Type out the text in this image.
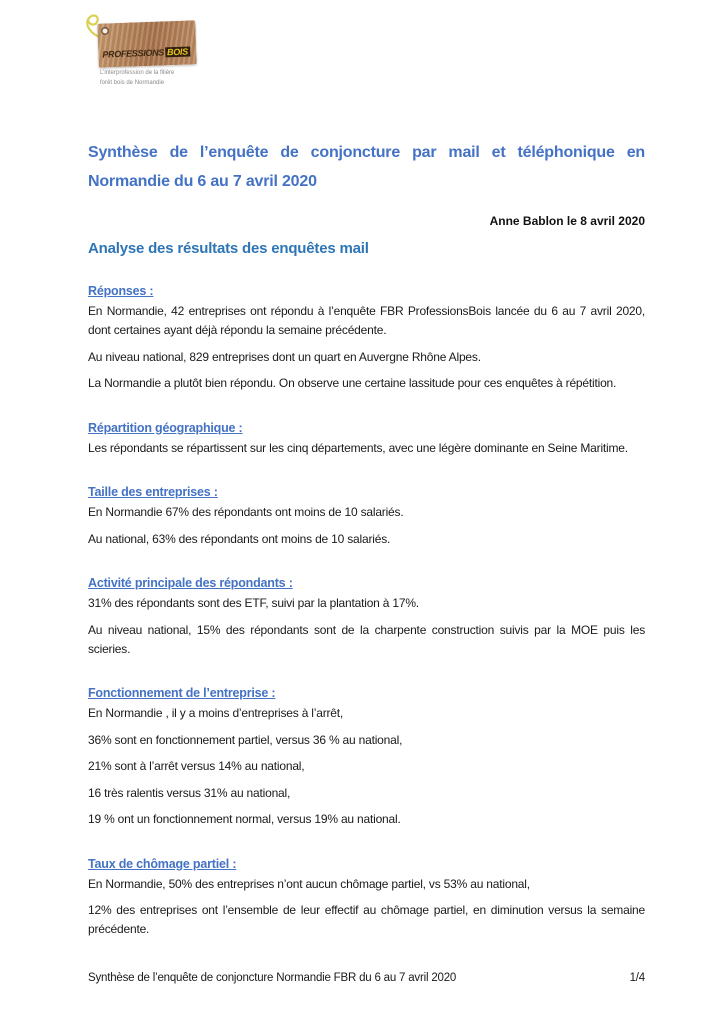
PROFESSIONS BOIS
L’interprofession de la filière
forêt bois de Normandie
Synthèse de l’enquête de conjoncture par mail et téléphonique en
Normandie du 6 au 7 avril 2020
Anne Bablon le 8 avril 2020
Analyse des résultats des enquêtes mail
Réponses :

En Normandie, 42 entreprises ont répondu à l’enquête FBR ProfessionsBois lancée du 6 au 7 avril 2020, dont certaines ayant déjà répondu la semaine précédente.

Au niveau national, 829 entreprises dont un quart en Auvergne Rhône Alpes.

La Normandie a plutôt bien répondu. On observe une certaine lassitude pour ces enquêtes à répétition.

Répartition géographique :

Les répondants se répartissent sur les cinq départements, avec une légère dominante en Seine Maritime.

Taille des entreprises :

En Normandie 67% des répondants ont moins de 10 salariés.

Au national, 63% des répondants ont moins de 10 salariés.

Activité principale des répondants :

31% des répondants sont des ETF, suivi par la plantation à 17%.

Au niveau national, 15% des répondants sont de la charpente construction suivis par la MOE puis les scieries.

Fonctionnement de l’entreprise :

En Normandie , il y a moins d’entreprises à l’arrêt,

36% sont en fonctionnement partiel, versus 36 % au national,

21% sont à l’arrêt versus 14% au national,

16 très ralentis versus 31% au national,

19 % ont un fonctionnement normal, versus 19% au national.

Taux de chômage partiel :

En Normandie, 50% des entreprises n’ont aucun chômage partiel, vs 53% au national,

12% des entreprises ont l’ensemble de leur effectif au chômage partiel, en diminution versus la semaine précédente.

Synthèse de l’enquête de conjoncture Normandie FBR du 6 au 7 avril 2020	1/4
